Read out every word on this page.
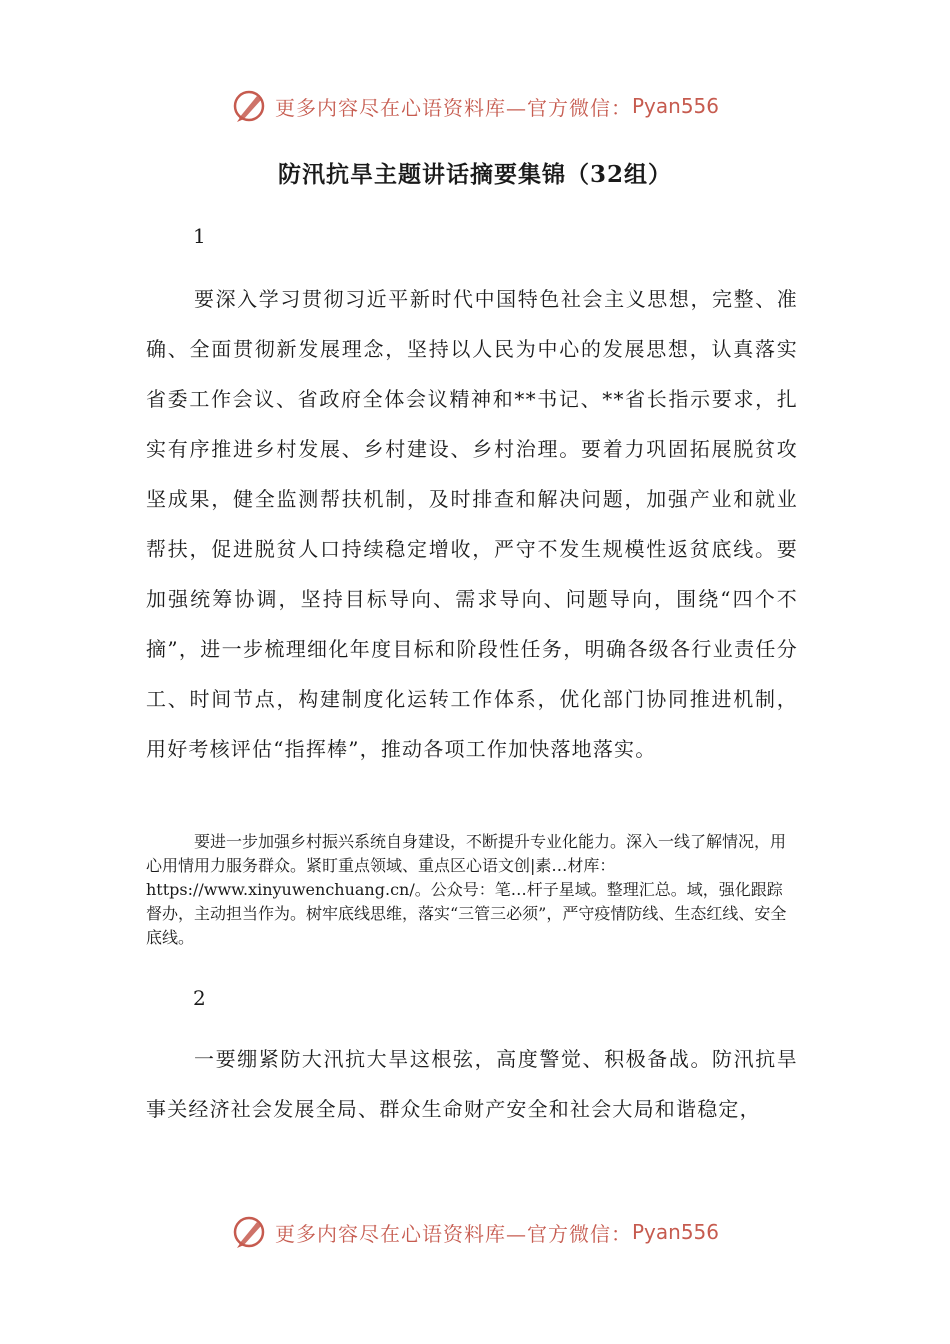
更多内容尽在心语资料库—官方微信： Pyan556
防汛抗旱主题讲话摘要集锦（32组）
1

要深入学习贯彻习近平新时代中国特色社会主义思想，完整、准确、全面贯彻新发展理念，坚持以人民为中心的发展思想，认真落实省委工作会议、省政府全体会议精神和**书记、**省长指示要求，扎实有序推进乡村发展、乡村建设、乡村治理。要着力巩固拓展脱贫攻坚成果，健全监测帮扶机制，及时排查和解决问题，加强产业和就业帮扶，促进脱贫人口持续稳定增收，严守不发生规模性返贫底线。要加强统筹协调，坚持目标导向、需求导向、问题导向，围绕“四个不摘”，进一步梳理细化年度目标和阶段性任务，明确各级各行业责任分工、时间节点，构建制度化运转工作体系，优化部门协同推进机制，用好考核评估“指挥棒”，推动各项工作加快落地落实。

要进一步加强乡村振兴系统自身建设，不断提升专业化能力。深入一线了解情况，用心用情用力服务群众。紧盯重点领域、重点区心语文创|素…材库：https://www.xinyuwenchuang.cn/。公众号：笔…杆子星域。整理汇总。域，强化跟踪督办，主动担当作为。树牢底线思维，落实“三管三必须”，严守疫情防线、生态红线、安全底线。

2

一要绷紧防大汛抗大旱这根弦，高度警觉、积极备战。防汛抗旱事关经济社会发展全局、群众生命财产安全和社会大局和谐稳定，

更多内容尽在心语资料库—官方微信： Pyan556
